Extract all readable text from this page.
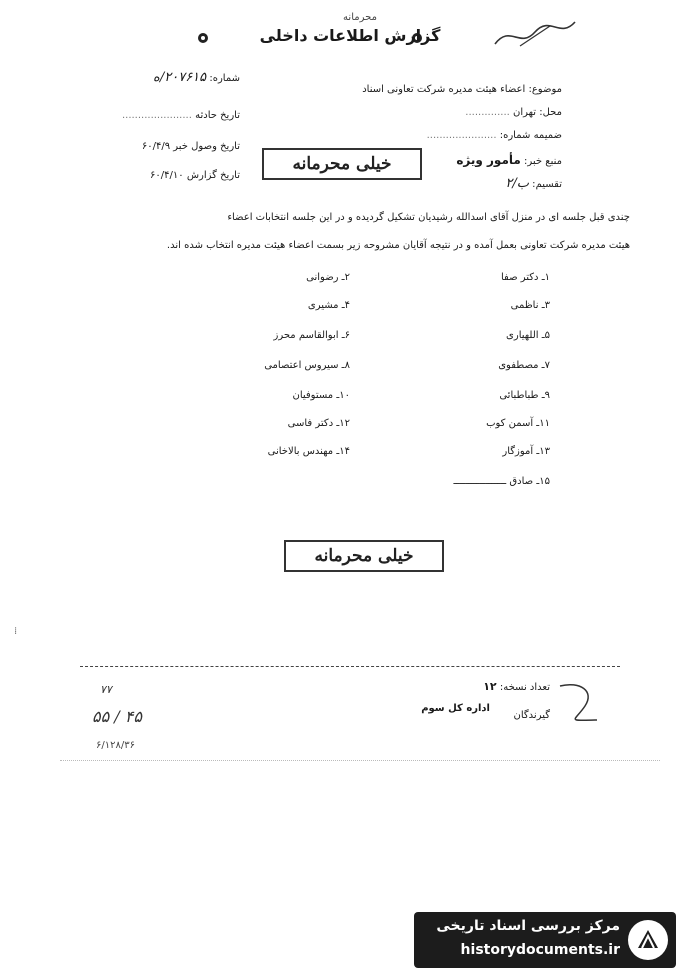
محرمانه
گزارش اطلاعات داخلی
موضوع: اعضاء هیئت مدیره شرکت تعاونی اسناد
محل: تهران ..............
ضمیمه شماره: ......................
منبع خبر: مأمور ویژه
تقسیم: ب/۲
شماره: ۲۰۷۶۱۵/ه
تاریخ حادثه ......................
تاریخ وصول خبر ۶۰/۴/۹
تاریخ گزارش ۶۰/۴/۱۰
خیلی محرمانه
چندی قبل جلسه ای در منزل آقای اسدالله رشیدیان تشکیل گردیده و در این جلسه انتخابات اعضاء
هیئت مدیره شرکت تعاونی بعمل آمده و در نتیجه آقایان مشروحه زیر بسمت اعضاء هیئت مدیره انتخاب شده اند.
۱ـ دکتر صفا
۳ـ ناظمی
۵ـ اللهیاری
۷ـ مصطفوی
۹ـ طباطبائی
۱۱ـ آسمن کوب
۱۳ـ آموزگار
۱۵ـ صادق ــــــــــــــــــ
۲ـ رضوانی
۴ـ مشیری
۶ـ ابوالقاسم محرز
۸ـ سیروس اعتصامی
۱۰ـ مستوفیان
۱۲ـ دکتر فاسی
۱۴ـ مهندس بالاخانی
خیلی محرمانه
⁞
تعداد نسخه: ۱۲
اداره کل سوم
گیرندگان
۷۷
۵۵ / ۴۵
۶/۱۲۸/۳۶
مرکز بررسی اسناد تاریخی
historydocuments.ir
